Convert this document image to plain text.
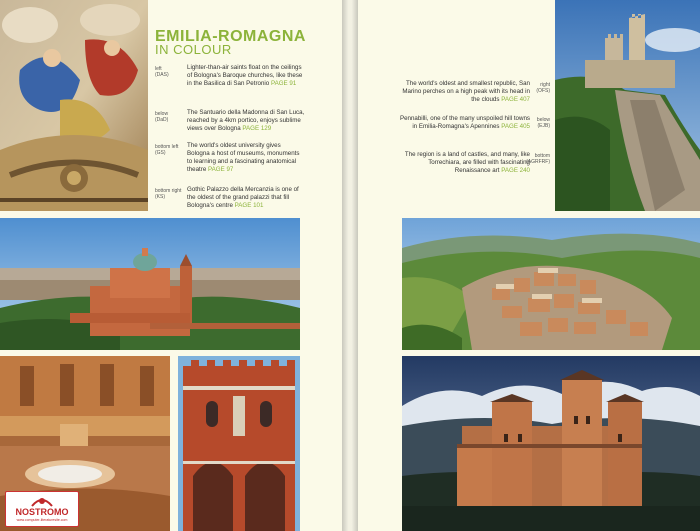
EMILIA-ROMAGNA
IN COLOUR
left
(DAS)
Lighter-than-air saints float on the ceilings of Bologna's Baroque churches, like these in the Basilica di San Petronio PAGE 91
below
(DaD)
The Santuario della Madonna di San Luca, reached by a 4km portico, enjoys sublime views over Bologna PAGE 129
bottom left
(GS)
The world's oldest university gives Bologna a host of museums, monuments to learning and a fascinating anatomical theatre PAGE 97
bottom right
(KS)
Gothic Palazzo della Mercanzia is one of the oldest of the grand palazzi that fill Bologna's centre PAGE 101
NOSTROMO
www.computer-literaturesite.com
The world's oldest and smallest republic, San Marino perches on a high peak with its head in the clouds PAGE 407
right
(OFS)
Pennabilli, one of the many unspoiled hill towns in Emilia-Romagna's Apennines PAGE 405
below
(EJB)
The region is a land of castles, and many, like Torrechiara, are filled with fascinating Renaissance art PAGE 240
bottom
(AGRFRF)
